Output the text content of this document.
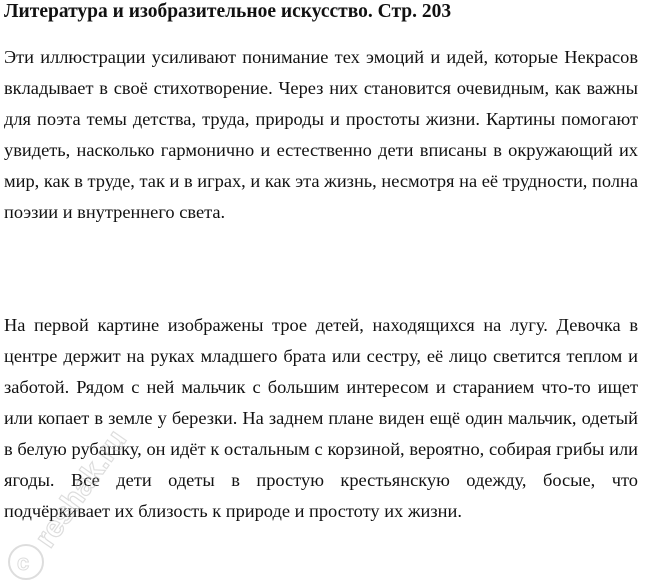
Литература и изобразительное искусство. Стр. 203

Эти иллюстрации усиливают понимание тех эмоций и идей, которые Некрасов вкладывает в своё стихотворение. Через них становится очевидным, как важны для поэта темы детства, труда, природы и простоты жизни. Картины помогают увидеть, насколько гармонично и естественно дети вписаны в окружающий их мир, как в труде, так и в играх, и как эта жизнь, несмотря на её трудности, полна поэзии и внутреннего света.

На первой картине изображены трое детей, находящихся на лугу. Девочка в центре держит на руках младшего брата или сестру, её лицо светится теплом и заботой. Рядом с ней мальчик с большим интересом и старанием что-то ищет или копает в земле у березки. На заднем плане виден ещё один мальчик, одетый в белую рубашку, он идёт к остальным с корзиной, вероятно, собирая грибы или ягоды. Все дети одеты в простую крестьянскую одежду, босые, что подчёркивает их близость к природе и простоту их жизни.

reshak.ru
c
